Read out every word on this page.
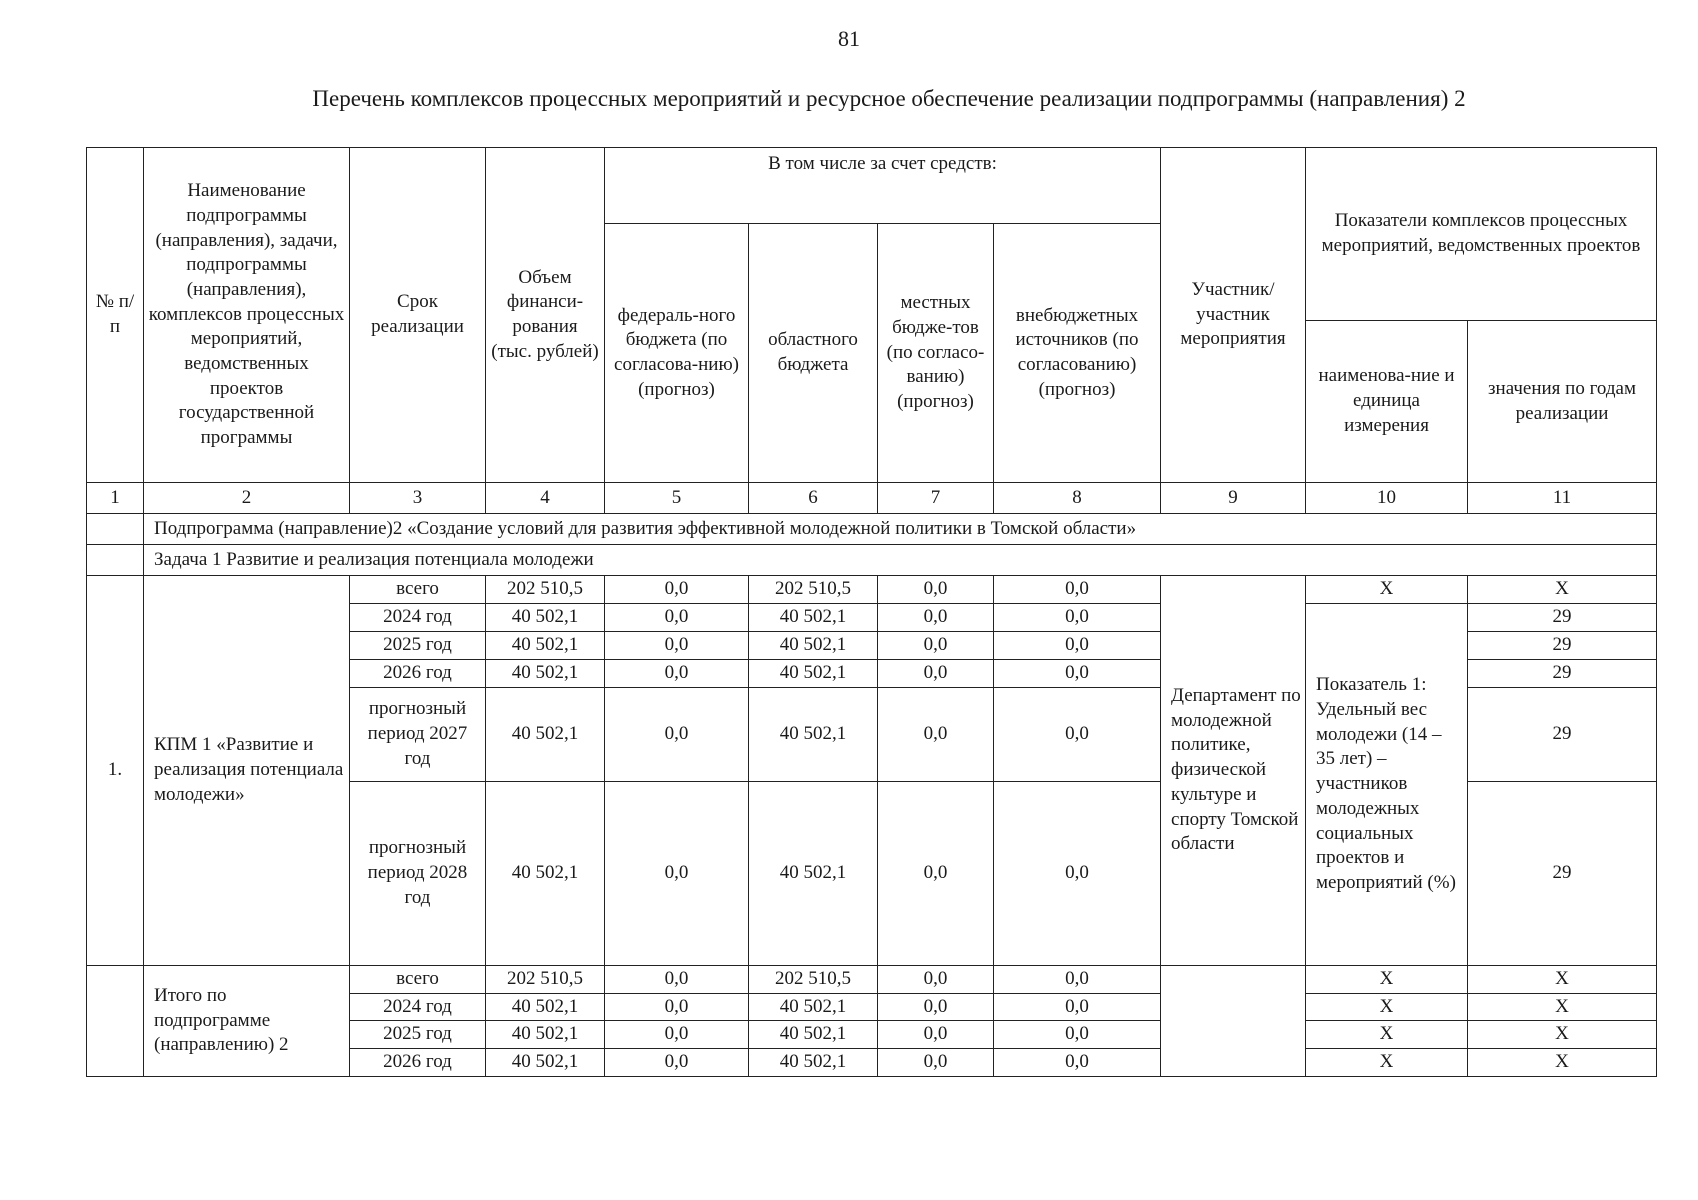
81
Перечень комплексов процессных мероприятий и ресурсное обеспечение реализации подпрограммы (направления) 2
№ п/п	Наименование подпрограммы (направления), задачи, подпрограммы (направления), комплексов процессных мероприятий, ведомственных проектов государственной программы	Срок реализации	Объем финанси-рования (тыс. рублей)	В том числе за счет средств:				Участник/ участник мероприятия	Показатели комплексов процессных мероприятий, ведомственных проектов	
				федераль-ного бюджета (по согласова-нию) (прогноз)	областного бюджета	местных бюдже-тов (по согласо-ванию) (прогноз)	внебюджетных источников (по согласованию) (прогноз)			
									наименова-ние и единица измерения	значения по годам реализации
1	2	3	4	5	6	7	8	9	10	11
	Подпрограмма (направление)2 «Создание условий для развития эффективной молодежной политики в Томской области»									
	Задача 1 Развитие и реализация потенциала молодежи									
1.	КПМ 1 «Развитие и реализация потенциала молодежи»	всего	202 510,5	0,0	202 510,5	0,0	0,0	Департамент по молодежной политике, физической культуре и спорту Томской области	X	X
		2024 год	40 502,1	0,0	40 502,1	0,0	0,0		Показатель 1: Удельный вес молодежи (14 – 35 лет) – участников молодежных социальных проектов и мероприятий (%)	29
		2025 год	40 502,1	0,0	40 502,1	0,0	0,0			29
		2026 год	40 502,1	0,0	40 502,1	0,0	0,0			29
		прогнозный период 2027 год	40 502,1	0,0	40 502,1	0,0	0,0			29
		прогнозный период 2028 год	40 502,1	0,0	40 502,1	0,0	0,0			29
	Итого по подпрограмме (направлению) 2	всего	202 510,5	0,0	202 510,5	0,0	0,0		X	X
		2024 год	40 502,1	0,0	40 502,1	0,0	0,0		X	X
		2025 год	40 502,1	0,0	40 502,1	0,0	0,0		X	X
		2026 год	40 502,1	0,0	40 502,1	0,0	0,0		X	X
